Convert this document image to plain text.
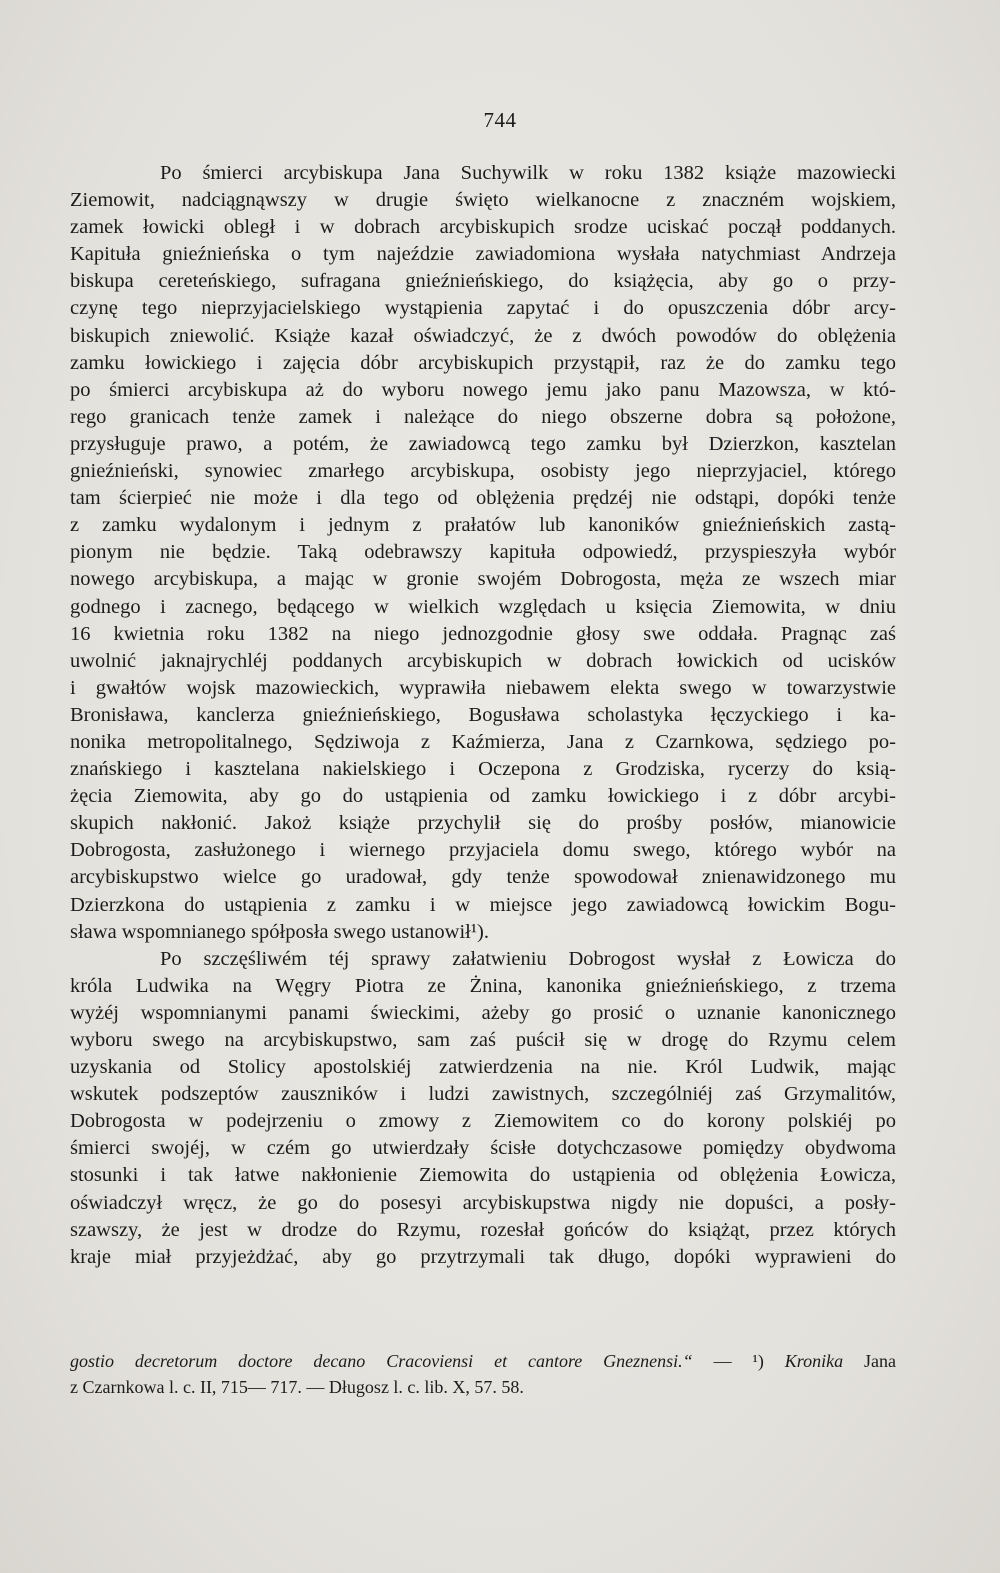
744
Po śmierci arcybiskupa Jana Suchywilk w roku 1382 książe mazowiecki
Ziemowit, nadciągnąwszy w drugie święto wielkanocne z znaczném wojskiem,
zamek łowicki obległ i w dobrach arcybiskupich srodze uciskać począł poddanych.
Kapituła gnieźnieńska o tym najeździe zawiadomiona wysłała natychmiast Andrzeja
biskupa cereteńskiego, sufragana gnieźnieńskiego, do książęcia, aby go o przy-
czynę tego nieprzyjacielskiego wystąpienia zapytać i do opuszczenia dóbr arcy-
biskupich zniewolić. Książe kazał oświadczyć, że z dwóch powodów do oblężenia
zamku łowickiego i zajęcia dóbr arcybiskupich przystąpił, raz że do zamku tego
po śmierci arcybiskupa aż do wyboru nowego jemu jako panu Mazowsza, w któ-
rego granicach tenże zamek i należące do niego obszerne dobra są położone,
przysługuje prawo, a potém, że zawiadowcą tego zamku był Dzierzkon, kasztelan
gnieźnieński, synowiec zmarłego arcybiskupa, osobisty jego nieprzyjaciel, którego
tam ścierpieć nie może i dla tego od oblężenia prędzéj nie odstąpi, dopóki tenże
z zamku wydalonym i jednym z prałatów lub kanoników gnieźnieńskich zastą-
pionym nie będzie. Taką odebrawszy kapituła odpowiedź, przyspieszyła wybór
nowego arcybiskupa, a mając w gronie swojém Dobrogosta, męża ze wszech miar
godnego i zacnego, będącego w wielkich względach u księcia Ziemowita, w dniu
16 kwietnia roku 1382 na niego jednozgodnie głosy swe oddała. Pragnąc zaś
uwolnić jaknajrychléj poddanych arcybiskupich w dobrach łowickich od ucisków
i gwałtów wojsk mazowieckich, wyprawiła niebawem elekta swego w towarzystwie
Bronisława, kanclerza gnieźnieńskiego, Bogusława scholastyka łęczyckiego i ka-
nonika metropolitalnego, Sędziwoja z Kaźmierza, Jana z Czarnkowa, sędziego po-
znańskiego i kasztelana nakielskiego i Oczepona z Grodziska, rycerzy do ksią-
żęcia Ziemowita, aby go do ustąpienia od zamku łowickiego i z dóbr arcybi-
skupich nakłonić. Jakoż książe przychylił się do prośby posłów, mianowicie
Dobrogosta, zasłużonego i wiernego przyjaciela domu swego, którego wybór na
arcybiskupstwo wielce go uradował, gdy tenże spowodował znienawidzonego mu
Dzierzkona do ustąpienia z zamku i w miejsce jego zawiadowcą łowickim Bogu-
sława wspomnianego spółposła swego ustanowił¹).
Po szczęśliwém téj sprawy załatwieniu Dobrogost wysłał z Łowicza do
króla Ludwika na Węgry Piotra ze Żnina, kanonika gnieźnieńskiego, z trzema
wyżéj wspomnianymi panami świeckimi, ażeby go prosić o uznanie kanonicznego
wyboru swego na arcybiskupstwo, sam zaś puścił się w drogę do Rzymu celem
uzyskania od Stolicy apostolskiéj zatwierdzenia na nie. Król Ludwik, mając
wskutek podszeptów zauszników i ludzi zawistnych, szczególniéj zaś Grzymalitów,
Dobrogosta w podejrzeniu o zmowy z Ziemowitem co do korony polskiéj po
śmierci swojéj, w czém go utwierdzały ścisłe dotychczasowe pomiędzy obydwoma
stosunki i tak łatwe nakłonienie Ziemowita do ustąpienia od oblężenia Łowicza,
oświadczył wręcz, że go do posesyi arcybiskupstwa nigdy nie dopuści, a posły-
szawszy, że jest w drodze do Rzymu, rozesłał gońców do książąt, przez których
kraje miał przyjeżdżać, aby go przytrzymali tak długo, dopóki wyprawieni do
gostio decretorum doctore decano Cracoviensi et cantore Gneznensi.“ — ¹) Kronika Jana
z Czarnkowa l. c. II, 715— 717. — Długosz l. c. lib. X, 57. 58.
